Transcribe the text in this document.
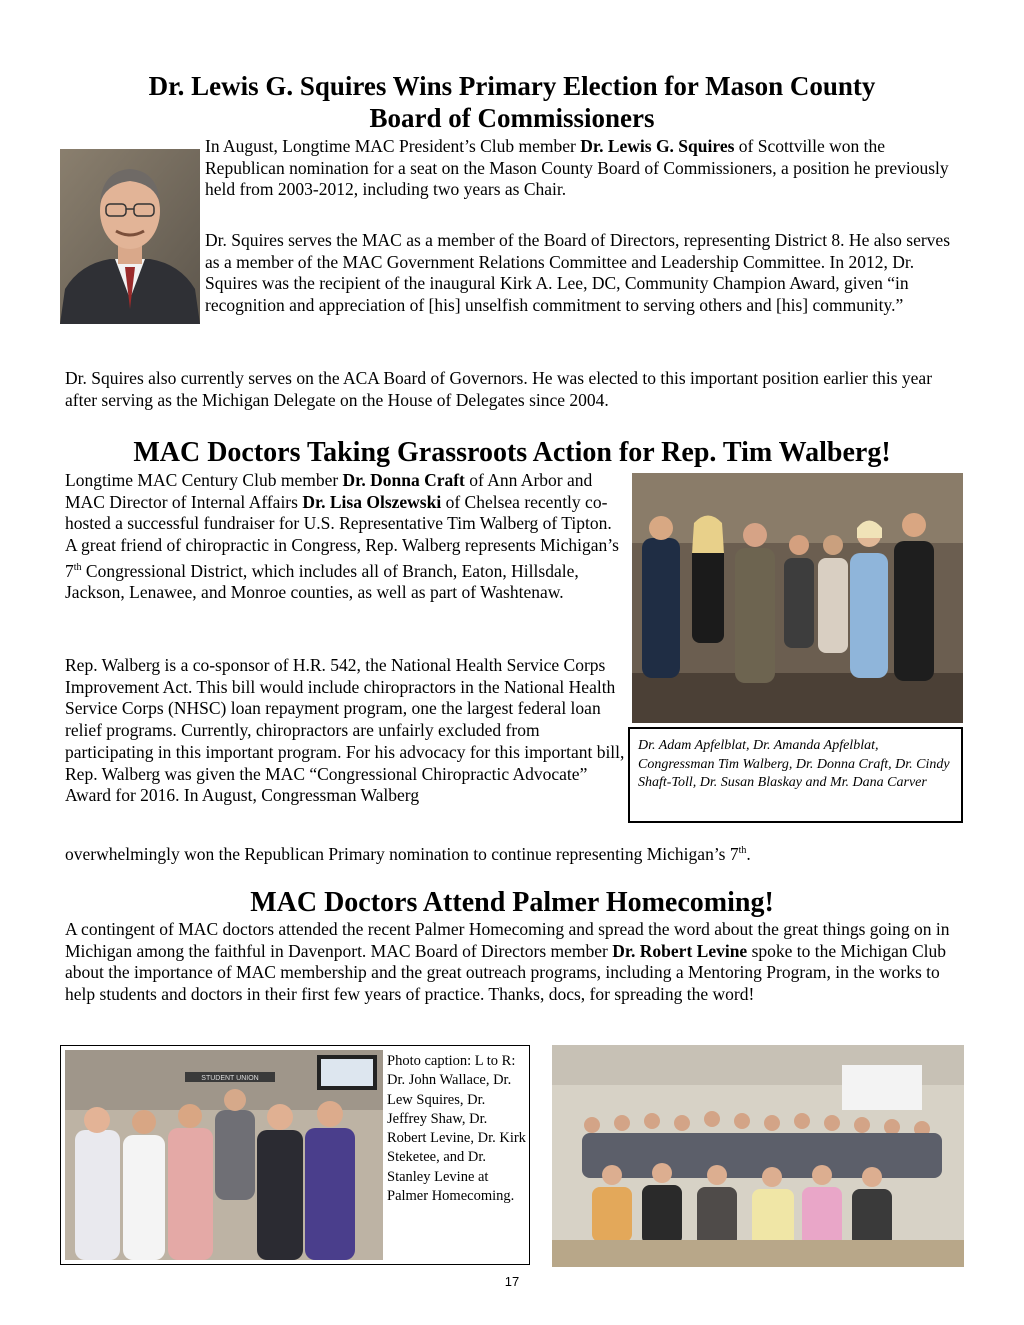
Dr. Lewis G. Squires Wins Primary Election for Mason County
Board of Commissioners

In August, Longtime MAC President’s Club member Dr. Lewis G. Squires of Scottville won the Republican nomination for a seat on the Mason County Board of Commissioners, a position he previously held from 2003-2012, including two years as Chair.

Dr. Squires serves the MAC as a member of the Board of Directors, representing District 8. He also serves as a member of the MAC Government Relations Committee and Leadership Committee. In 2012, Dr. Squires was the recipient of the inaugural Kirk A. Lee, DC, Community Champion Award, given “in recognition and appreciation of [his] unselfish commitment to serving others and [his] community.”

Dr. Squires also currently serves on the ACA Board of Governors. He was elected to this important position earlier this year after serving as the Michigan Delegate on the House of Delegates since 2004.

MAC Doctors Taking Grassroots Action for Rep. Tim Walberg!

Longtime MAC Century Club member Dr. Donna Craft of Ann Arbor and MAC Director of Internal Affairs Dr. Lisa Olszewski of Chelsea recently co-hosted a successful fundraiser for U.S. Representative Tim Walberg of Tipton. A great friend of chiropractic in Congress, Rep. Walberg represents Michigan’s 7th Congressional District, which includes all of Branch, Eaton, Hillsdale, Jackson, Lenawee, and Monroe counties, as well as part of Washtenaw.

Dr. Adam Apfelblat, Dr. Amanda Apfelblat, Congressman Tim Walberg, Dr. Donna Craft, Dr. Cindy Shaft-Toll, Dr. Susan Blaskay and Mr. Dana Carver

Rep. Walberg is a co-sponsor of H.R. 542, the National Health Service Corps Improvement Act. This bill would include chiropractors in the National Health Service Corps (NHSC) loan repayment program, one the largest federal loan relief programs. Currently, chiropractors are unfairly excluded from participating in this important program. For his advocacy for this important bill, Rep. Walberg was given the MAC “Congressional Chiropractic Advocate” Award for 2016. In August, Congressman Walberg

overwhelmingly won the Republican Primary nomination to continue representing Michigan’s 7th.

MAC Doctors Attend Palmer Homecoming!

A contingent of MAC doctors attended the recent Palmer Homecoming and spread the word about the great things going on in Michigan among the faithful in Davenport. MAC Board of Directors member Dr. Robert Levine spoke to the Michigan Club about the importance of MAC membership and the great outreach programs, including a Mentoring Program, in the works to help students and doctors in their first few years of practice. Thanks, docs, for spreading the word!

STUDENT UNION
Photo caption: L to R: Dr. John Wallace, Dr. Lew Squires, Dr. Jeffrey Shaw, Dr. Robert Levine, Dr. Kirk Steketee, and Dr. Stanley Levine at Palmer Homecoming.
17
